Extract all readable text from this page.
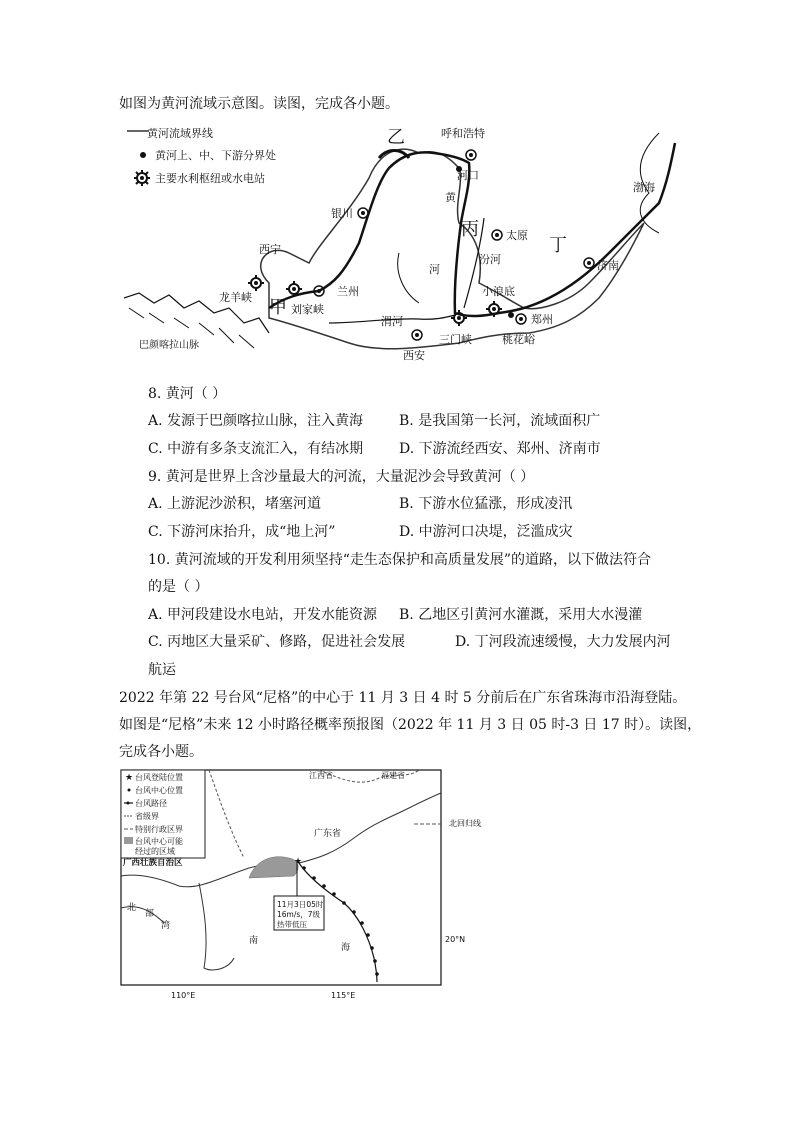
如图为黄河流域示意图。读图，完成各小题。
黄河流域界线
黄河上、中、下游分界处
主要水利枢纽或水电站
乙	呼和浩特
河口
银川
丙 太原 丁
济南
渤海
西宁
兰州
甲
小浪底
郑州
西安
三门峡	桃花峪
龙羊峡
刘家峡
汾河
渭河
黄
河
巴颜喀拉山脉
8. 黄河（ ）
A. 发源于巴颜喀拉山脉，注入黄海	B. 是我国第一长河，流域面积广
C. 中游有多条支流汇入，有结冰期	D. 下游流经西安、郑州、济南市
9. 黄河是世界上含沙量最大的河流，大量泥沙会导致黄河（ ）
A. 上游泥沙淤积，堵塞河道	B. 下游水位猛涨，形成凌汛
C. 下游河床抬升，成“地上河”	D. 中游河口决堤，泛滥成灾
10. 黄河流域的开发利用须坚持“走生态保护和高质量发展”的道路，以下做法符合
的是（ ）
A. 甲河段建设水电站，开发水能资源 B. 乙地区引黄河水灌溉，采用大水漫灌
C. 丙地区大量采矿、修路，促进社会发展	D. 丁河段流速缓慢，大力发展内河
航运
2022 年第 22 号台风“尼格”的中心于 11 月 3 日 4 时 5 分前后在广东省珠海市沿海登陆。
如图是“尼格”未来 12 小时路径概率预报图（2022 年 11 月 3 日 05 时-3 日 17 时）。读图，
完成各小题。
★ 台风登陆位置
台风中心位置
台风路径
省级界
特别行政区界
台风中心可能
经过的区域
★
11月3日05时
16m/s，7级
热带低压
江西省	福建省
广东省
广西壮族自治区
北回归线
北
部
湾
南
海
20°N
110°E	115°E
